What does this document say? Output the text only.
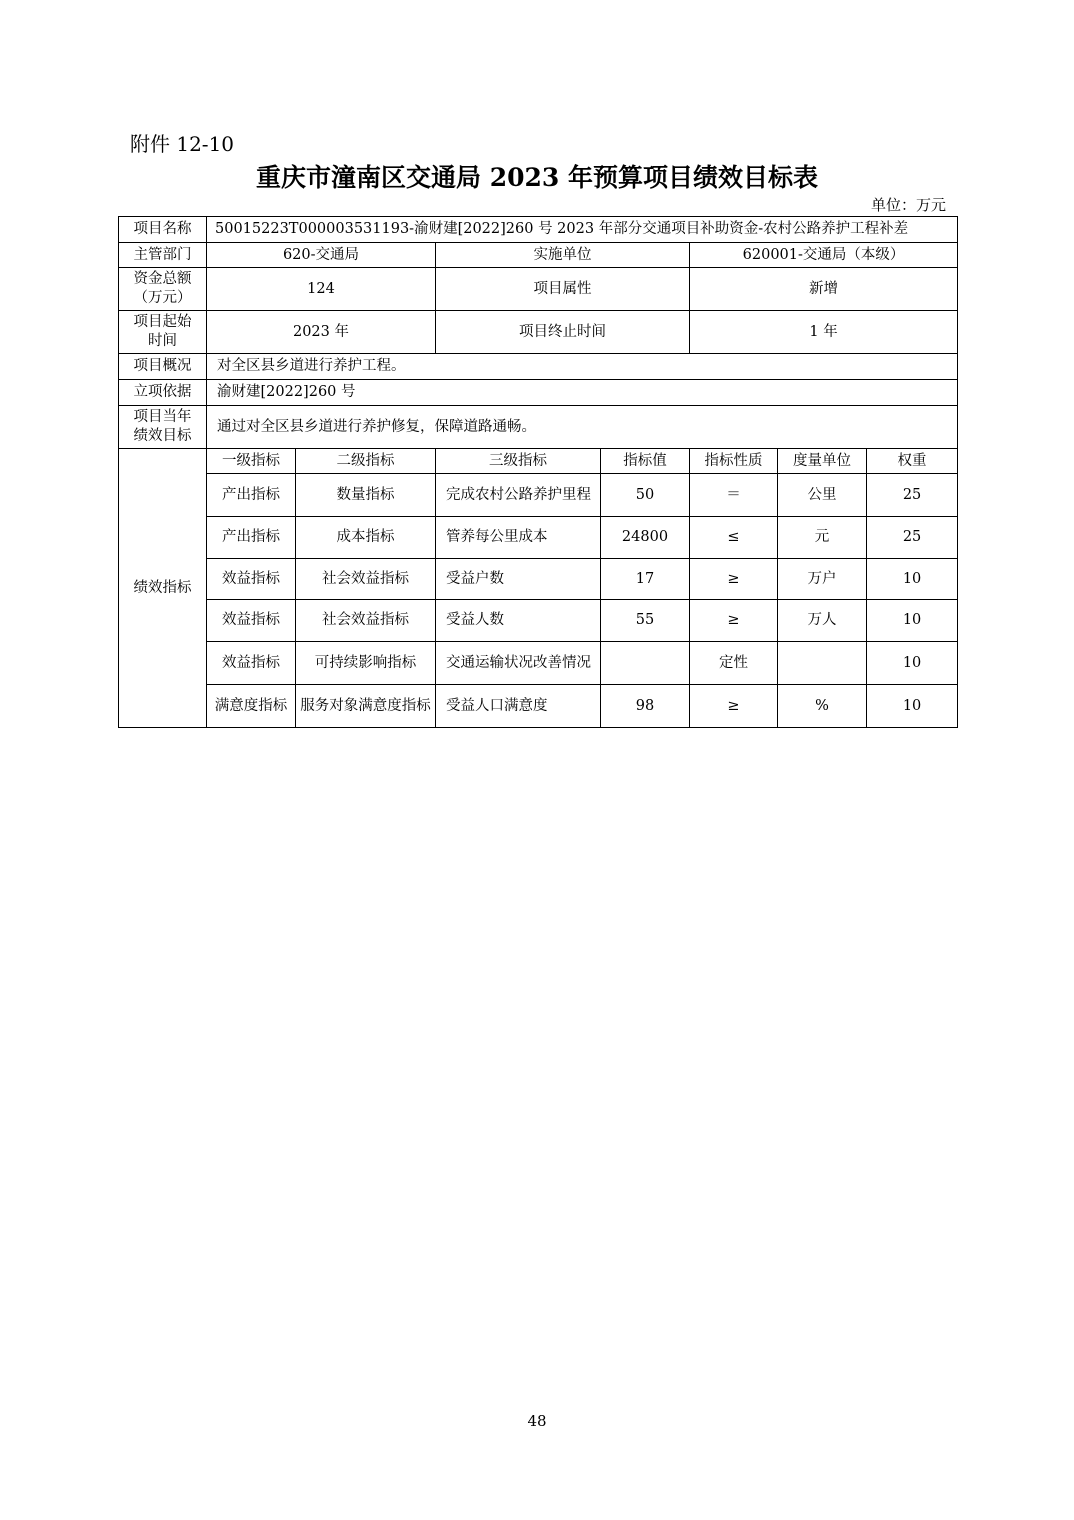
附件 12-10
重庆市潼南区交通局 2023 年预算项目绩效目标表
单位：万元
项目名称	50015223T000003531193-渝财建[2022]260 号 2023 年部分交通项目补助资金-农村公路养护工程补差						
主管部门	620-交通局		实施单位		620001-交通局（本级）		
资金总额
（万元）	124		项目属性		新增		
项目起始
时间	2023 年		项目终止时间		1 年		
项目概况	对全区县乡道进行养护工程。						
立项依据	渝财建[2022]260 号						
项目当年
绩效目标	通过对全区县乡道进行养护修复，保障道路通畅。						
绩效指标	一级指标	二级指标	三级指标	指标值	指标性质	度量单位	权重
	产出指标	数量指标	完成农村公路养护里程	50	＝	公里	25
	产出指标	成本指标	管养每公里成本	24800	≤	元	25
	效益指标	社会效益指标	受益户数	17	≥	万户	10
	效益指标	社会效益指标	受益人数	55	≥	万人	10
	效益指标	可持续影响指标	交通运输状况改善情况		定性		10
	满意度指标	服务对象满意度指标	受益人口满意度	98	≥	%	10
48
